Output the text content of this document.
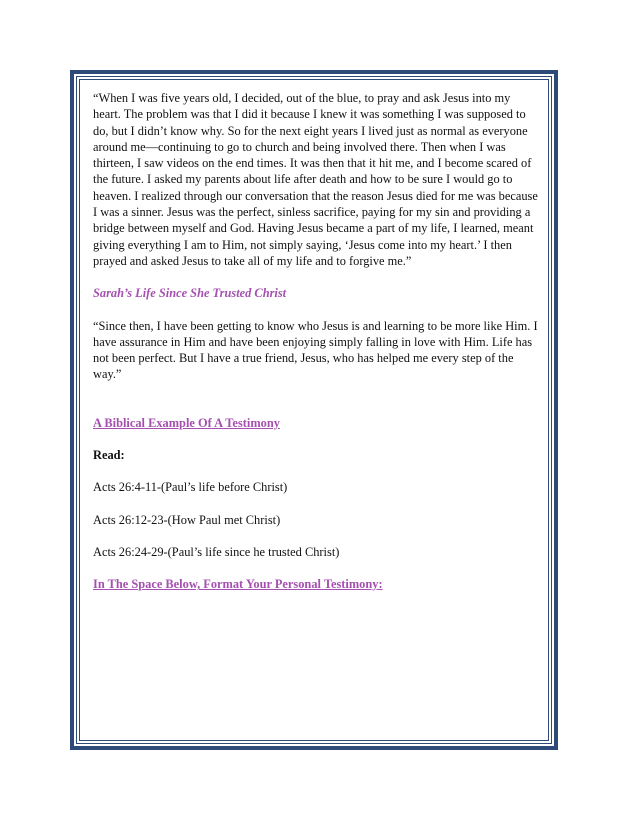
“When I was five years old, I decided, out of the blue, to pray and ask Jesus into my heart. The problem was that I did it because I knew it was something I was supposed to do, but I didn’t know why. So for the next eight years I lived just as normal as everyone around me—continuing to go to church and being involved there. Then when I was thirteen, I saw videos on the end times. It was then that it hit me, and I become scared of the future. I asked my parents about life after death and how to be sure I would go to heaven. I realized through our conversation that the reason Jesus died for me was because I was a sinner. Jesus was the perfect, sinless sacrifice, paying for my sin and providing a bridge between myself and God. Having Jesus became a part of my life, I learned, meant giving everything I am to Him, not simply saying, ‘Jesus come into my heart.’ I then prayed and asked Jesus to take all of my life and to forgive me.”

Sarah’s Life Since She Trusted Christ

“Since then, I have been getting to know who Jesus is and learning to be more like Him. I have assurance in Him and have been enjoying simply falling in love with Him. Life has not been perfect. But I have a true friend, Jesus, who has helped me every step of the way.”

A Biblical Example Of A Testimony

Read:

Acts 26:4-11-(Paul’s life before Christ)

Acts 26:12-23-(How Paul met Christ)

Acts 26:24-29-(Paul’s life since he trusted Christ)

In The Space Below, Format Your Personal Testimony:
